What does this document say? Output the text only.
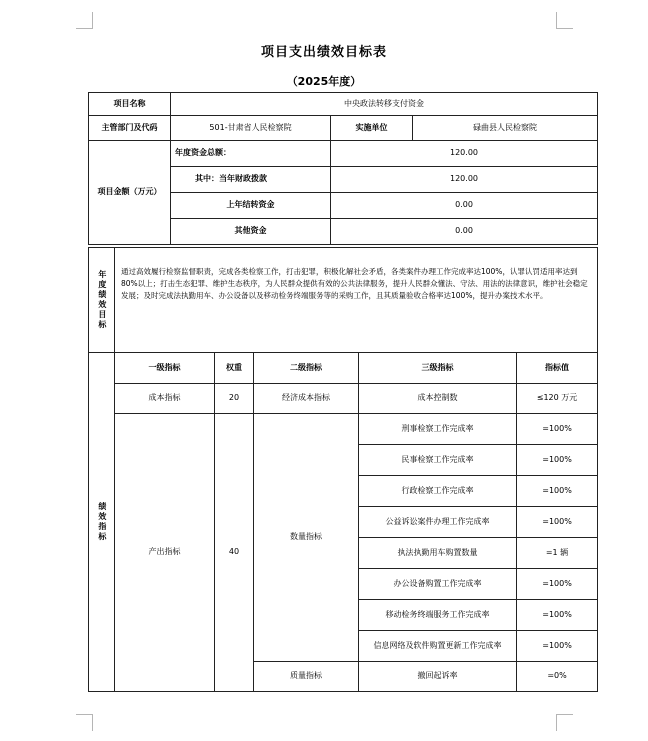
项目支出绩效目标表
（2025年度）
项目名称	中央政法转移支付资金		
主管部门及代码	501-甘肃省人民检察院	实施单位	碌曲县人民检察院
项目金额（万元）	年度资金总额：	120.00	
	其中：当年财政拨款	120.00	
	上年结转资金	0.00	
	其他资金	0.00	
年度绩效目标	通过高效履行检察监督职责，完成各类检察工作，打击犯罪，积极化解社会矛盾，各类案件办理工作完成率达100%，认罪认罚适用率达到80%以上；打击生态犯罪、维护生态秩序，为人民群众提供有效的公共法律服务，提升人民群众懂法、守法、用法的法律意识，维护社会稳定发展；及时完成法执勤用车、办公设备以及移动检务终端服务等的采购工作，且其质量验收合格率达100%，提升办案技术水平。				

绩效指标	一级指标	权重	二级指标	三级指标	指标值
	成本指标	20	经济成本指标	成本控制数	≤120 万元
	产出指标	40	数量指标	刑事检察工作完成率	=100%
				民事检察工作完成率	=100%
				行政检察工作完成率	=100%
				公益诉讼案件办理工作完成率	=100%
				执法执勤用车购置数量	=1 辆
				办公设备购置工作完成率	=100%
				移动检务终端服务工作完成率	=100%
				信息网络及软件购置更新工作完成率	=100%
			质量指标	撤回起诉率	=0%
